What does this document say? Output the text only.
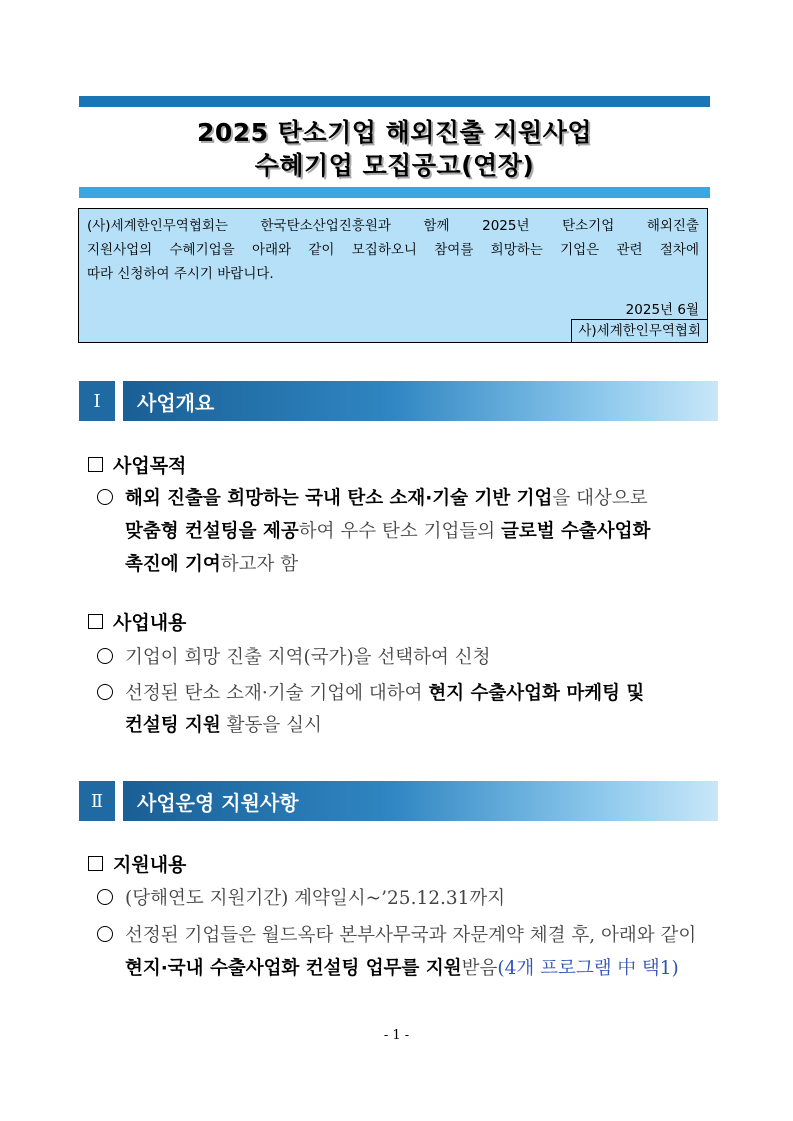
2025 탄소기업 해외진출 지원사업
수혜기업 모집공고(연장)
(사)세계한인무역협회는 한국탄소산업진흥원과 함께 2025년 탄소기업 해외진출
지원사업의 수혜기업을 아래와 같이 모집하오니 참여를 희망하는 기업은 관련 절차에
따라 신청하여 주시기 바랍니다.
2025년 6월
사)세계한인무역협회
Ⅰ	사업개요
사업목적
해외 진출을 희망하는 국내 탄소 소재·기술 기반 기업을 대상으로
맞춤형 컨설팅을 제공하여 우수 탄소 기업들의 글로벌 수출사업화
촉진에 기여하고자 함
사업내용
기업이 희망 진출 지역(국가)을 선택하여 신청
선정된 탄소 소재·기술 기업에 대하여 현지 수출사업화 마케팅 및
컨설팅 지원 활동을 실시
Ⅱ	사업운영 지원사항
지원내용
(당해연도 지원기간) 계약일시~’25.12.31까지
선정된 기업들은 월드옥타 본부사무국과 자문계약 체결 후, 아래와 같이
현지·국내 수출사업화 컨설팅 업무를 지원받음(4개 프로그램 中 택1)
- 1 -
